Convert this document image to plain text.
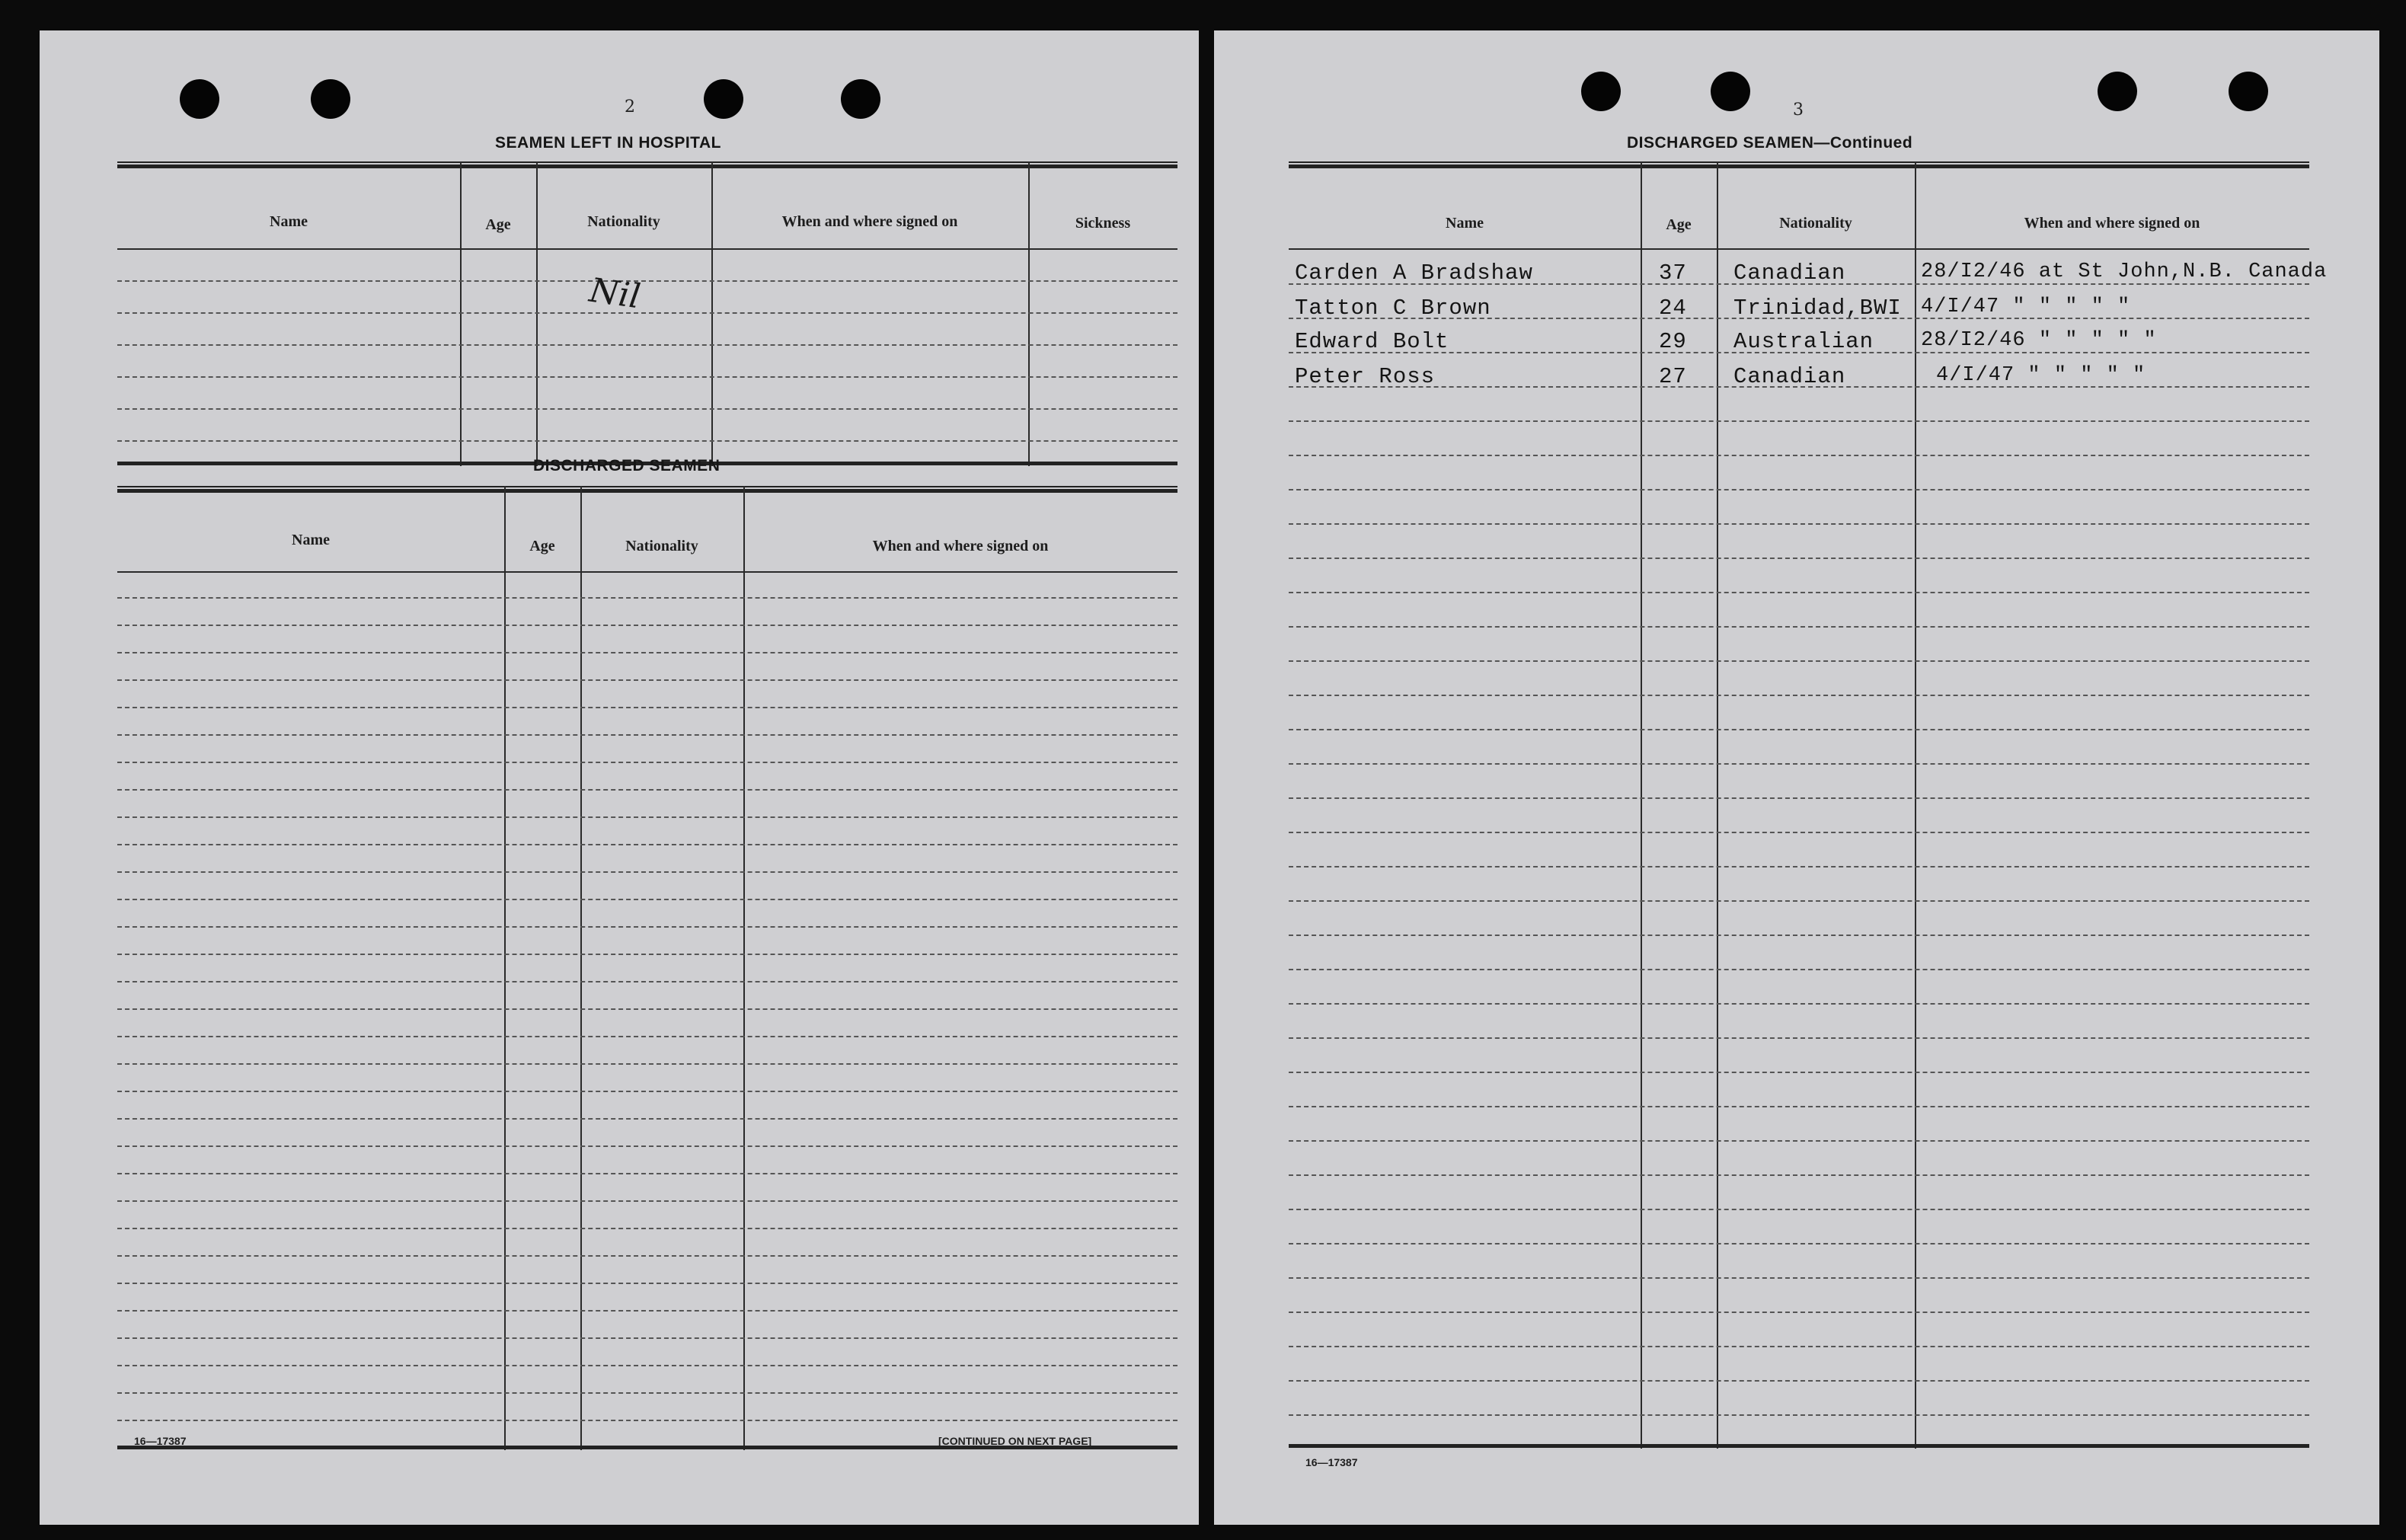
2
SEAMEN LEFT IN HOSPITAL
Name	Age	Nationality	When and where signed on	Sickness
Nil
DISCHARGED SEAMEN
Name	Age	Nationality	When and where signed on
16—17387	[CONTINUED ON NEXT PAGE]
3
DISCHARGED SEAMEN—Continued
Name	Age	Nationality	When and where signed on
Carden A Bradshaw	37 Canadian	28/I2/46 at St John,N.B. Canada
Tatton C Brown	24 Trinidad,BWI 4/I/47 " " " " "
Edward Bolt	29 Australian 28/I2/46 " " " " "
Peter Ross	27 Canadian	4/I/47 " " " " "
16—17387
